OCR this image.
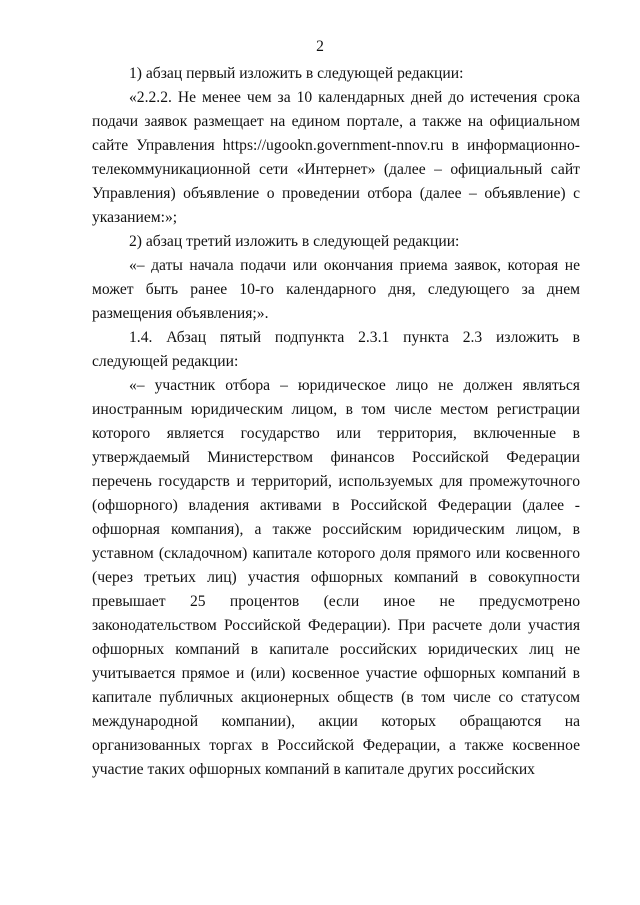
2

1) абзац первый изложить в следующей редакции:

«2.2.2. Не менее чем за 10 календарных дней до истечения срока подачи заявок размещает на едином портале, а также на официальном сайте Управления https://ugookn.government-nnov.ru в информационно-телекоммуникационной сети «Интернет» (далее – официальный сайт Управления) объявление о проведении отбора (далее – объявление) с указанием:»;

2) абзац третий изложить в следующей редакции:

«– даты начала подачи или окончания приема заявок, которая не может быть ранее 10-го календарного дня, следующего за днем размещения объявления;».

1.4. Абзац пятый подпункта 2.3.1 пункта 2.3 изложить в следующей редакции:

«– участник отбора – юридическое лицо не должен являться иностранным юридическим лицом, в том числе местом регистрации которого является государство или территория, включенные в утверждаемый Министерством финансов Российской Федерации перечень государств и территорий, используемых для промежуточного (офшорного) владения активами в Российской Федерации (далее - офшорная компания), а также российским юридическим лицом, в уставном (складочном) капитале которого доля прямого или косвенного (через третьих лиц) участия офшорных компаний в совокупности превышает 25 процентов (если иное не предусмотрено законодательством Российской Федерации). При расчете доли участия офшорных компаний в капитале российских юридических лиц не учитывается прямое и (или) косвенное участие офшорных компаний в капитале публичных акционерных обществ (в том числе со статусом международной компании), акции которых обращаются на организованных торгах в Российской Федерации, а также косвенное участие таких офшорных компаний в капитале других российских
